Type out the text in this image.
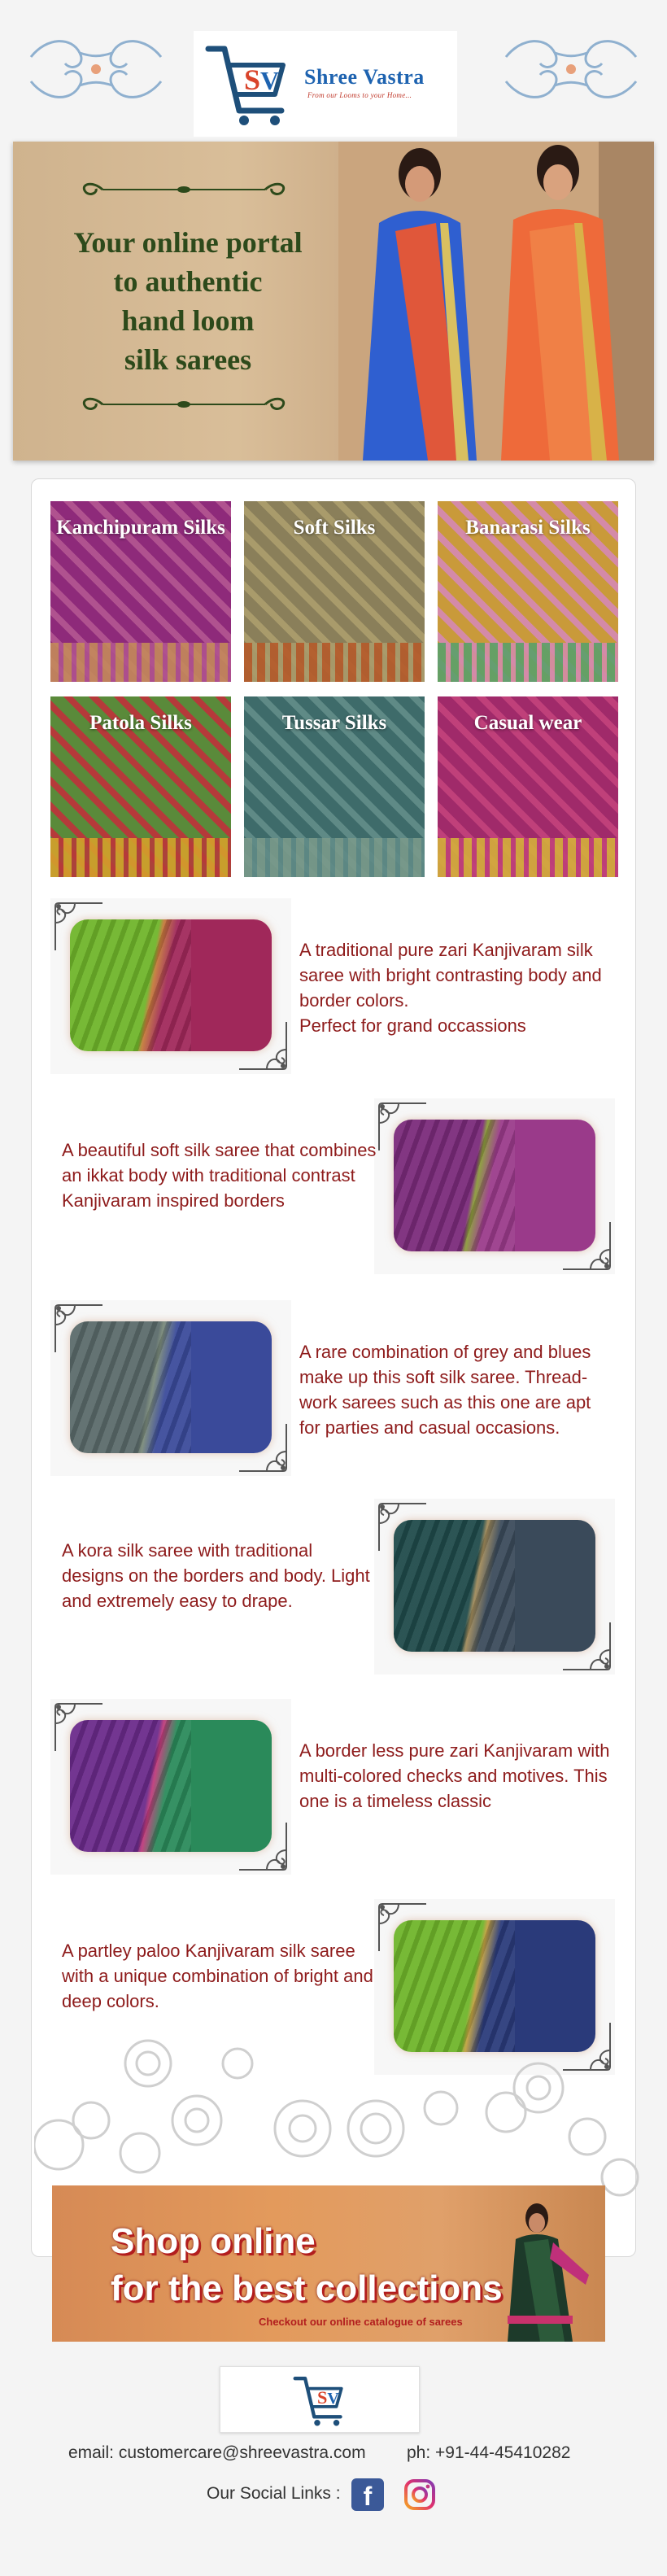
S V Shree Vastra
From our Looms to your Home...
Your online portal
to authentic
hand loom
silk sarees
Kanchipuram Silks	Soft Silks	Banarasi Silks
Patola Silks	Tussar Silks	Casual wear
A traditional pure zari Kanjivaram silk saree with bright contrasting body and border colors.
Perfect for grand occassions
A beautiful soft silk saree that combines an ikkat body with traditional contrast Kanjivaram inspired borders
A rare combination of grey and blues make up this soft silk saree. Thread-work sarees such as this one are apt for parties and casual occasions.
A kora silk saree with traditional designs on the borders and body. Light and extremely easy to drape.
A border less pure zari Kanjivaram with multi-colored checks and motives. This one is a timeless classic
A partley paloo Kanjivaram silk saree with a unique combination of bright and deep colors.
Shop online
for the best collections
Checkout our online catalogue of sarees
S V
email: customercare@shreevastra.com ph: +91-44-45410282
Our Social Links : f
